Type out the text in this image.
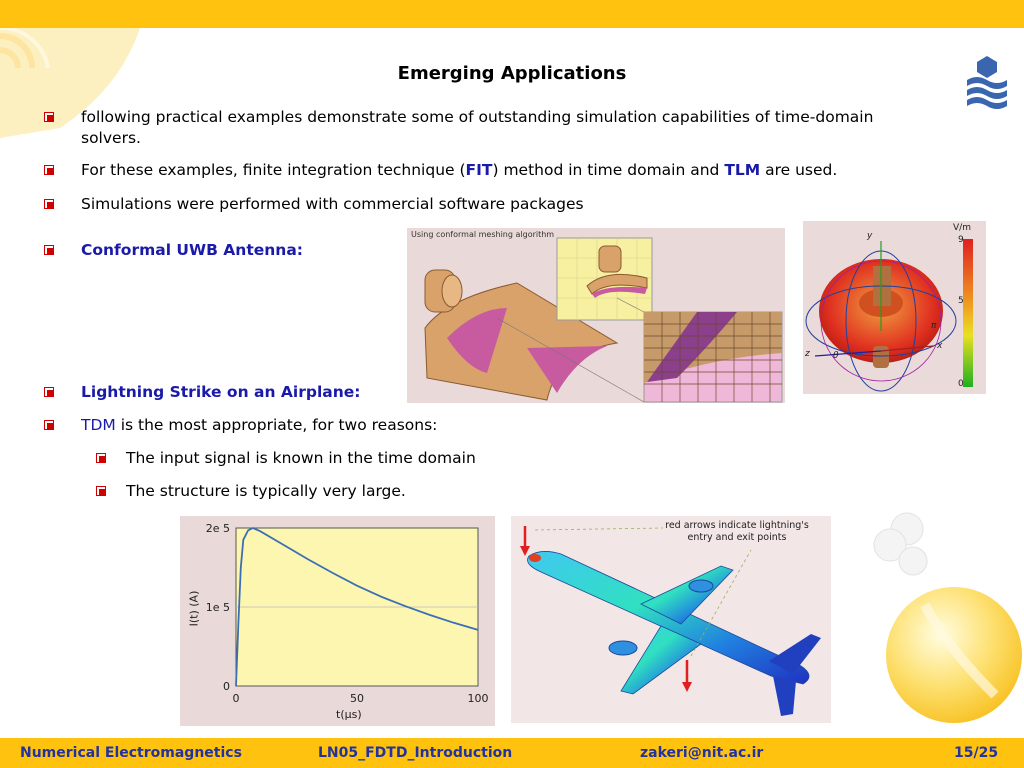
Emerging Applications
following practical examples demonstrate some of outstanding simulation capabilities of time-domain solvers.
For these examples, finite integration technique (FIT) method in time domain and TLM are used.
Simulations were performed with commercial software packages
Conformal UWB Antenna:
Lightning Strike on an Airplane:
TDM is the most appropriate, for two reasons:
The input signal is known in the time domain
The structure is typically very large.
Using conformal meshing algorithm
V/m
9
5
0
y
x
z	θ
π
0
1e 5
2e 5
0	50	100
I(t) (A)
t(μs)
red arrows indicate lightning's entry and exit points
Numerical Electromagnetics	LN05_FDTD_Introduction	zakeri@nit.ac.ir	15/25
